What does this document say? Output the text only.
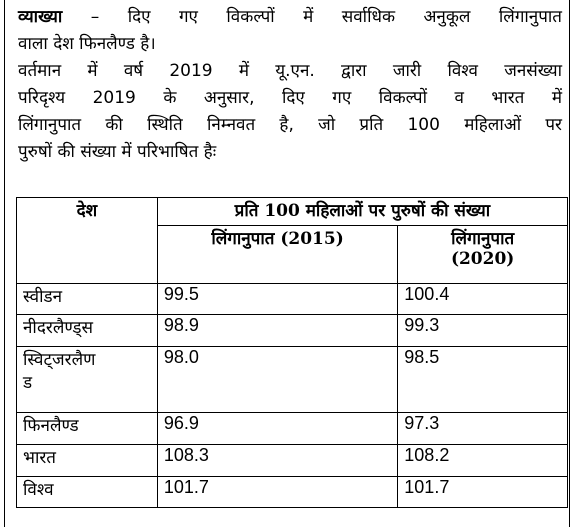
व्याख्या – दिए गए विकल्पों में सर्वाधिक अनुकूल लिंगानुपात
वाला देश फिनलैण्ड है।

वर्तमान में वर्ष 2019 में यू.एन. द्वारा जारी विश्व जनसंख्या
परिदृश्य 2019 के अनुसार, दिए गए विकल्पों व भारत में
लिंगानुपात की स्थिति निम्नवत है, जो प्रति 100 महिलाओं पर
पुरुषों की संख्या में परिभाषित हैः

देश	प्रति 100 महिलाओं पर पुरुषों की संख्या	
	लिंगानुपात (2015)	लिंगानुपात
(2020)

स्वीडन	99.5	100.4
नीदरलैण्ड्स	98.9	99.3

स्विट्जरलैण
ड	98.0	98.5
फिनलैण्ड	96.9	97.3
भारत	108.3	108.2
विश्व	101.7	101.7
